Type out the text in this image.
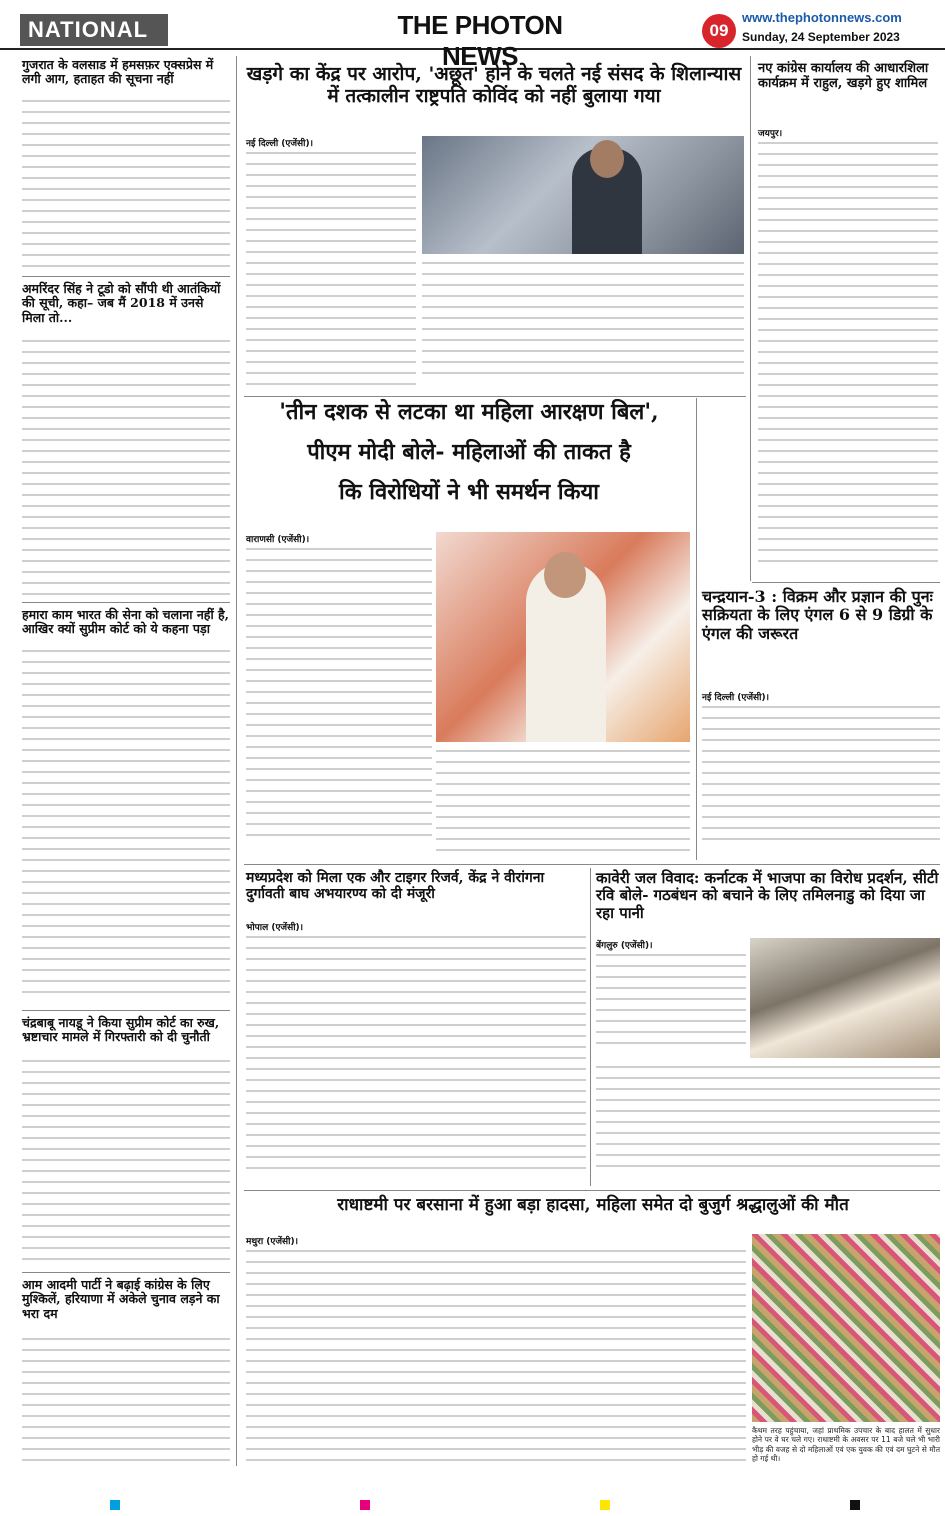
NATIONAL	THE PHOTON NEWS
09
www.thephotonnews.com
Sunday, 24 September 2023
गुजरात के वलसाड में हमसफ़र एक्सप्रेस में लगी आग, हताहत की सूचना नहीं
अमरिंदर सिंह ने टूडो को सौंपी थी आतंकियों की सूची, कहा– जब मैं 2018 में उनसे मिला तो...
हमारा काम भारत की सेना को चलाना नहीं है, आखिर क्यों सुप्रीम कोर्ट को ये कहना पड़ा
चंद्रबाबू नायडू ने किया सुप्रीम कोर्ट का रुख, भ्रष्टाचार मामले में गिरफ्तारी को दी चुनौती
आम आदमी पार्टी ने बढ़ाई कांग्रेस के लिए मुश्किलें, हरियाणा में अकेले चुनाव लड़ने का भरा दम
खड़गे का केंद्र पर आरोप, 'अछूत' होने के चलते नई संसद के शिलान्यास में तत्कालीन राष्ट्रपति कोविंद को नहीं बुलाया गया
नई दिल्ली (एजेंसी)।
नए कांग्रेस कार्यालय की आधारशिला कार्यक्रम में राहुल, खड़गे हुए शामिल
जयपुर।
'तीन दशक से लटका था महिला आरक्षण बिल',
पीएम मोदी बोले- महिलाओं की ताकत है
कि विरोधियों ने भी समर्थन किया
वाराणसी (एजेंसी)।
चन्द्रयान-3 : विक्रम और प्रज्ञान की पुनः सक्रियता के लिए एंगल 6 से 9 डिग्री के एंगल की जरूरत
नई दिल्ली (एजेंसी)।
मध्यप्रदेश को मिला एक और टाइगर रिजर्व, केंद्र ने वीरांगना दुर्गावती बाघ अभयारण्य को दी मंजूरी
भोपाल (एजेंसी)।
कावेरी जल विवाद: कर्नाटक में भाजपा का विरोध प्रदर्शन, सीटी रवि बोले- गठबंधन को बचाने के लिए तमिलनाडु को दिया जा रहा पानी
बेंगलुरु (एजेंसी)।
राधाष्टमी पर बरसाना में हुआ बड़ा हादसा, महिला समेत दो बुजुर्ग श्रद्धालुओं की मौत
मथुरा (एजेंसी)।
कैथम तरह पहुंचाया, जहां प्राथमिक उपचार के बाद हालत में सुधार होने पर वे घर चले गए। राधाष्टमी के अवसर पर 11 बजे चले भी भारी भीड़ की वजह से दो महिलाओं एवं एक युवक की एवं दम घुटने से मौत हो गई थी।
